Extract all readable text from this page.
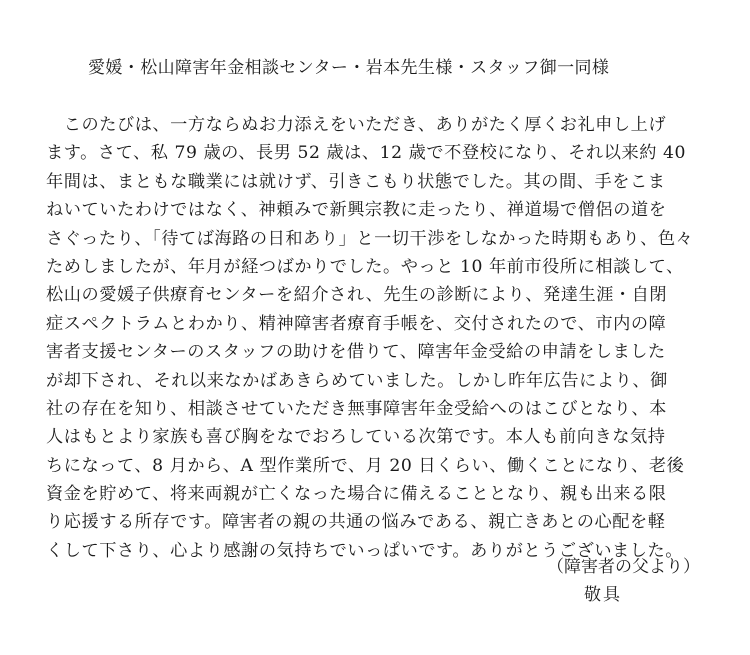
愛媛・松山障害年金相談センター・岩本先生様・スタッフ御一同様
　このたびは、一方ならぬお力添えをいただき、ありがたく厚くお礼申し上げ
ます。さて、私 79 歳の、長男 52 歳は、12 歳で不登校になり、それ以来約 40
年間は、まともな職業には就けず、引きこもり状態でした。其の間、手をこま
ねいていたわけではなく、神頼みで新興宗教に走ったり、禅道場で僧侶の道を
さぐったり、「待てば海路の日和あり」と一切干渉をしなかった時期もあり、色々
ためしましたが、年月が経つばかりでした。やっと 10 年前市役所に相談して、
松山の愛媛子供療育センターを紹介され、先生の診断により、発達生涯・自閉
症スペクトラムとわかり、精神障害者療育手帳を、交付されたので、市内の障
害者支援センターのスタッフの助けを借りて、障害年金受給の申請をしました
が却下され、それ以来なかばあきらめていました。しかし昨年広告により、御
社の存在を知り、相談させていただき無事障害年金受給へのはこびとなり、本
人はもとより家族も喜び胸をなでおろしている次第です。本人も前向きな気持
ちになって、8 月から、A 型作業所で、月 20 日くらい、働くことになり、老後
資金を貯めて、将来両親が亡くなった場合に備えることとなり、親も出来る限
り応援する所存です。障害者の親の共通の悩みである、親亡きあとの心配を軽
くして下さり、心より感謝の気持ちでいっぱいです。ありがとうございました。
（障害者の父より）
敬具
